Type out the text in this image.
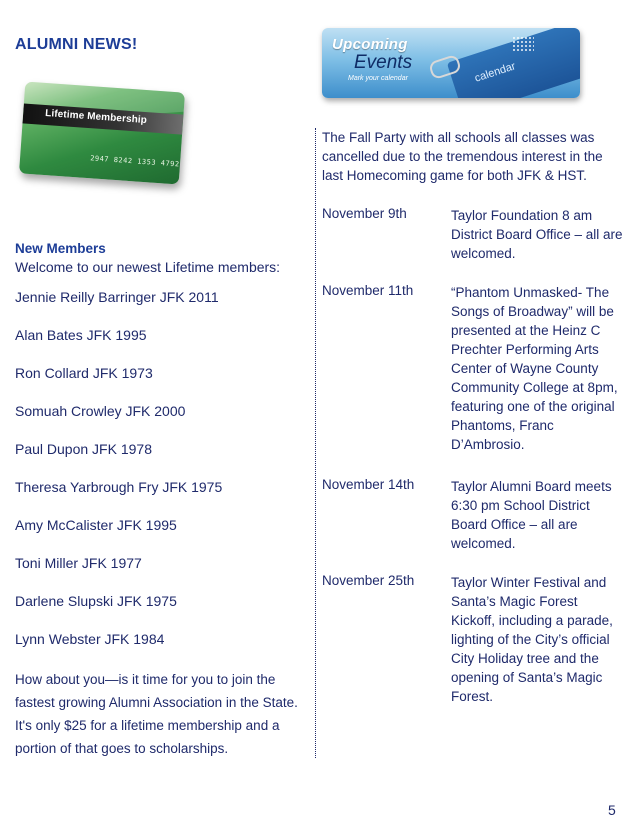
ALUMNI NEWS!
Lifetime Membership
2947 8242 1353 4792
New Members
Welcome to our newest Lifetime members:
Jennie Reilly Barringer JFK 2011
Alan Bates JFK 1995
Ron Collard JFK 1973
Somuah Crowley JFK 2000
Paul Dupon JFK 1978
Theresa Yarbrough Fry JFK 1975
Amy McCalister JFK 1995
Toni Miller JFK 1977
Darlene Slupski JFK 1975
Lynn Webster JFK 1984
How about you—is it time for you to join the fastest growing Alumni Association in the State. It's only $25 for a lifetime membership and a portion of that goes to scholarships.
calendar
Upcoming
Events
Mark your calendar
The Fall Party with all schools all classes was cancelled due to the tremendous interest in the last Homecoming game for both JFK & HST.
November 9th	Taylor Foundation 8 am District Board Office – all are welcomed.
November 11th	“Phantom Unmasked- The Songs of Broadway” will be presented at the Heinz C Prechter Performing Arts Center of Wayne County Community College at 8pm, featuring one of the original Phantoms, Franc D’Ambrosio.
November 14th	Taylor Alumni Board meets 6:30 pm School District Board Office – all are welcomed.
November 25th	Taylor Winter Festival and Santa’s Magic Forest Kickoff, including a parade, lighting of the City’s official City Holiday tree and the opening of Santa’s Magic Forest.
5
